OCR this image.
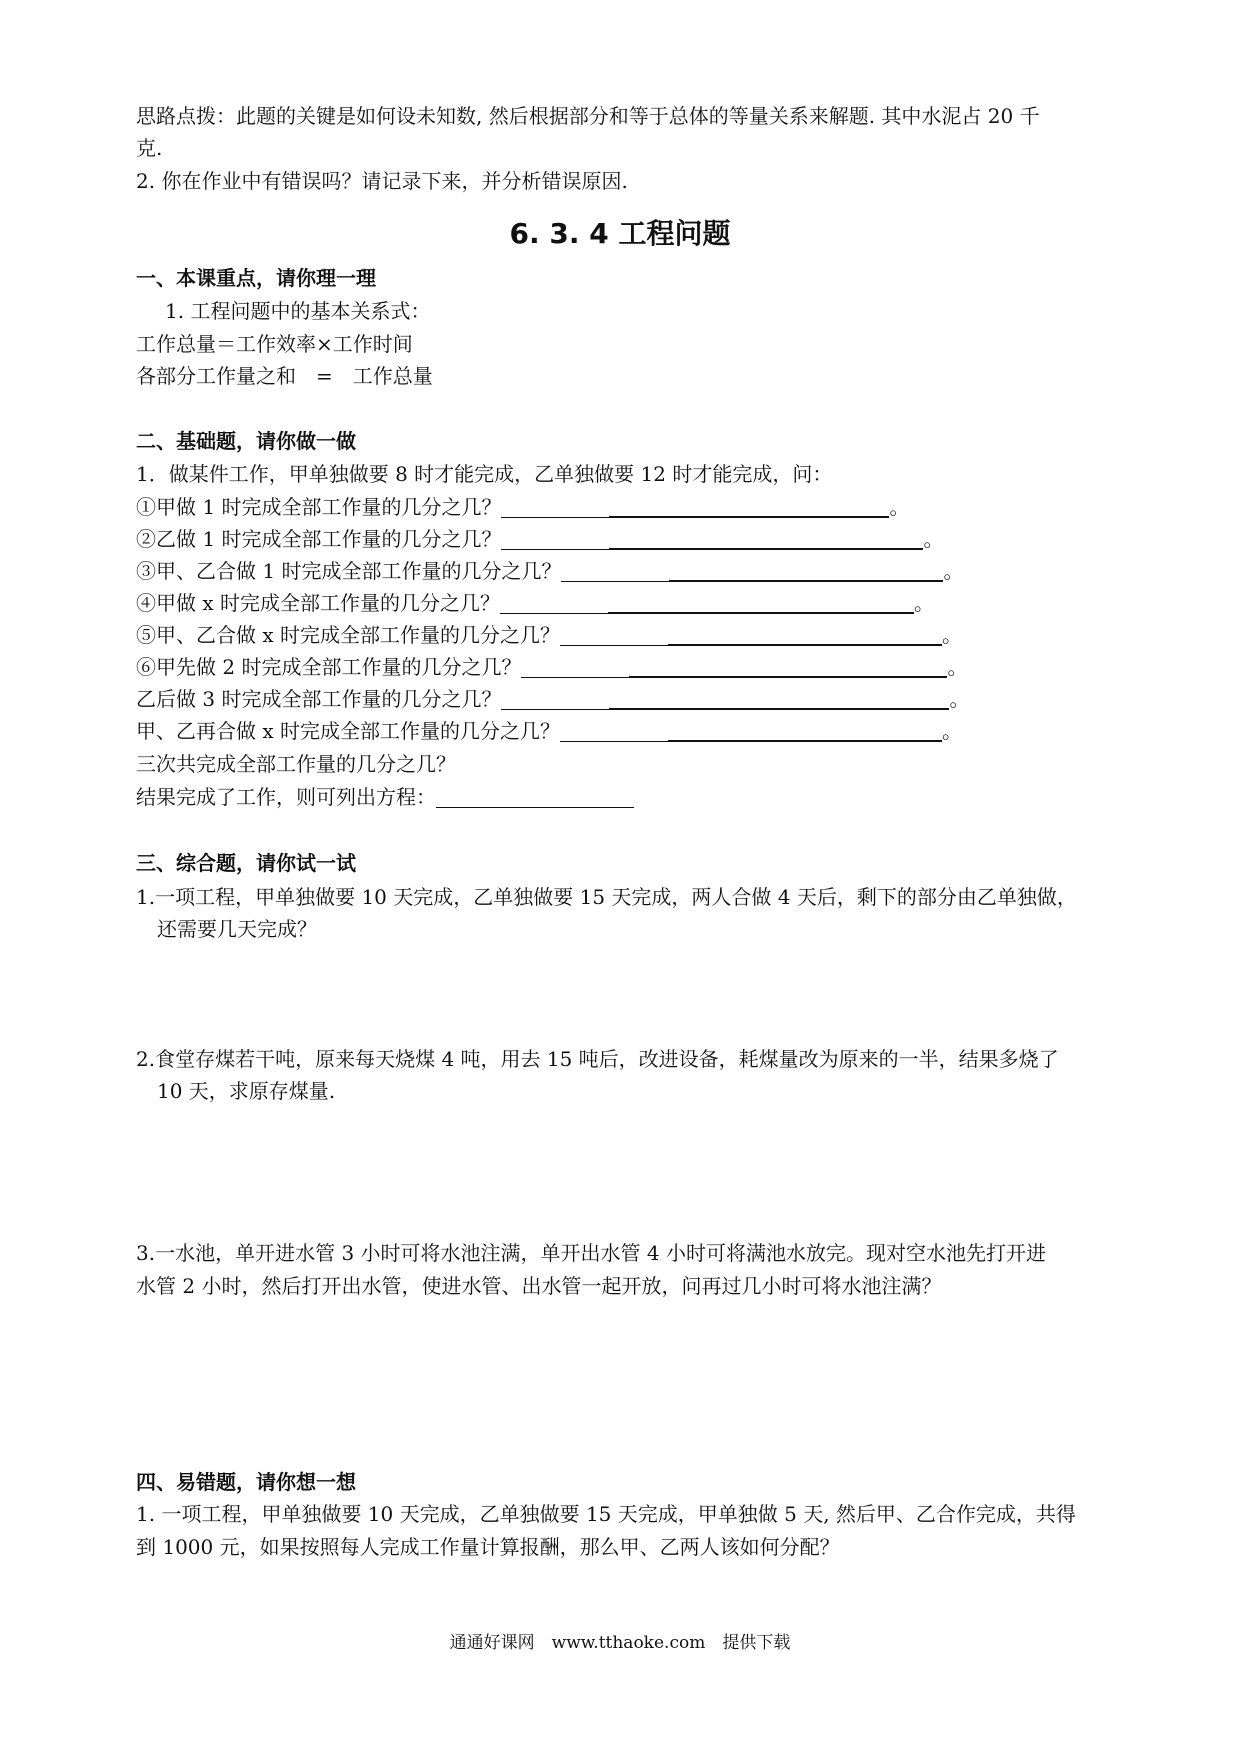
思路点拨：此题的关键是如何设未知数, 然后根据部分和等于总体的等量关系来解题. 其中水泥占 20 千
克.
2. 你在作业中有错误吗？请记录下来，并分析错误原因.
6. 3. 4 工程问题
一、本课重点，请你理一理
1. 工程问题中的基本关系式：
工作总量＝工作效率×工作时间
各部分工作量之和　=　工作总量
二、基础题，请你做一做
1．做某件工作，甲单独做要 8 时才能完成，乙单独做要 12 时才能完成，问：
①甲做 1 时完成全部工作量的几分之几？	。
②乙做 1 时完成全部工作量的几分之几？	。
③甲、乙合做 1 时完成全部工作量的几分之几？	。
④甲做 x 时完成全部工作量的几分之几？	。
⑤甲、乙合做 x 时完成全部工作量的几分之几？	。
⑥甲先做 2 时完成全部工作量的几分之几？	。
乙后做 3 时完成全部工作量的几分之几？	。
甲、乙再合做 x 时完成全部工作量的几分之几？	。
三次共完成全部工作量的几分之几？
结果完成了工作，则可列出方程：
三、综合题，请你试一试
1.一项工程，甲单独做要 10 天完成，乙单独做要 15 天完成，两人合做 4 天后，剩下的部分由乙单独做，
还需要几天完成？
2.食堂存煤若干吨，原来每天烧煤 4 吨，用去 15 吨后，改进设备，耗煤量改为原来的一半，结果多烧了
10 天，求原存煤量.
3.一水池，单开进水管 3 小时可将水池注满，单开出水管 4 小时可将满池水放完。现对空水池先打开进
水管 2 小时，然后打开出水管，使进水管、出水管一起开放，问再过几小时可将水池注满？
四、易错题，请你想一想
1. 一项工程，甲单独做要 10 天完成，乙单独做要 15 天完成，甲单独做 5 天, 然后甲、乙合作完成，共得
到 1000 元，如果按照每人完成工作量计算报酬，那么甲、乙两人该如何分配？
通通好课网　www.tthaoke.com　提供下载
